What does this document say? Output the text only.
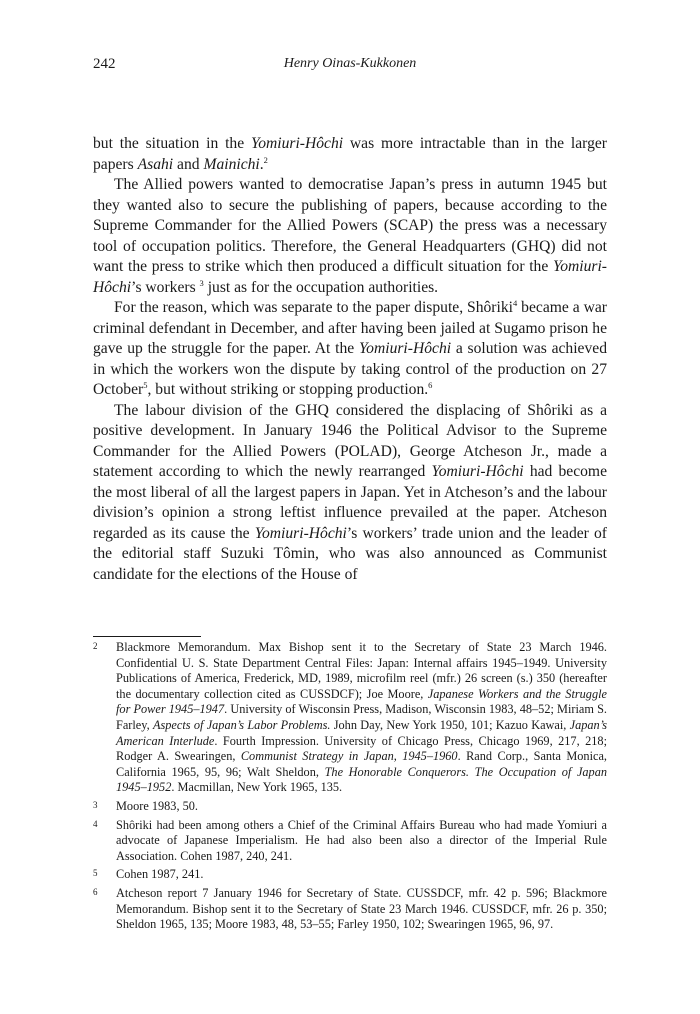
242	Henry Oinas-Kukkonen

but the situation in the Yomiuri-Hôchi was more intractable than in the larger papers Asahi and Mainichi.$^2$

The Allied powers wanted to democratise Japan’s press in autumn 1945 but they wanted also to secure the publishing of papers, because according to the Supreme Commander for the Allied Powers (SCAP) the press was a necessary tool of occupation politics. Therefore, the General Headquarters (GHQ) did not want the press to strike which then produced a difficult situation for the Yomiuri-Hôchi’s workers $^3$ just as for the occupation authorities.

For the reason, which was separate to the paper dispute, Shôriki$^4$ became a war criminal defendant in December, and after having been jailed at Sugamo prison he gave up the struggle for the paper. At the Yomiuri-Hôchi a solution was achieved in which the workers won the dispute by taking control of the production on 27 October$^5$, but without striking or stopping production.$^6$

The labour division of the GHQ considered the displacing of Shôriki as a positive development. In January 1946 the Political Advisor to the Supreme Commander for the Allied Powers (POLAD), George Atcheson Jr., made a statement according to which the newly rearranged Yomiuri-Hôchi had become the most liberal of all the largest papers in Japan. Yet in Atcheson’s and the labour division’s opinion a strong leftist influence prevailed at the paper. Atcheson regarded as its cause the Yomiuri-Hôchi’s workers’ trade union and the leader of the editorial staff Suzuki Tômin, who was also announced as Communist candidate for the elections of the House of

2	Blackmore Memorandum. Max Bishop sent it to the Secretary of State 23 March 1946. Confidential U. S. State Department Central Files: Japan: Internal affairs 1945–1949. University Publications of America, Frederick, MD, 1989, microfilm reel (mfr.) 26 screen (s.) 350 (hereafter the documentary collection cited as CUSSDCF); Joe Moore, Japanese Workers and the Struggle for Power 1945–1947. University of Wisconsin Press, Madison, Wisconsin 1983, 48–52; Miriam S. Farley, Aspects of Japan’s Labor Problems. John Day, New York 1950, 101; Kazuo Kawai, Japan’s American Interlude. Fourth Impression. University of Chicago Press, Chicago 1969, 217, 218; Rodger A. Swearingen, Communist Strategy in Japan, 1945–1960. Rand Corp., Santa Monica, California 1965, 95, 96; Walt Sheldon, The Honorable Conquerors. The Occupation of Japan 1945–1952. Macmillan, New York 1965, 135.
3	Moore 1983, 50.
4	Shôriki had been among others a Chief of the Criminal Affairs Bureau who had made Yomiuri a advocate of Japanese Imperialism. He had also been also a director of the Imperial Rule Association. Cohen 1987, 240, 241.
5	Cohen 1987, 241.
6	Atcheson report 7 January 1946 for Secretary of State. CUSSDCF, mfr. 42 p. 596; Blackmore Memorandum. Bishop sent it to the Secretary of State 23 March 1946. CUSSDCF, mfr. 26 p. 350; Sheldon 1965, 135; Moore 1983, 48, 53–55; Farley 1950, 102; Swearingen 1965, 96, 97.
